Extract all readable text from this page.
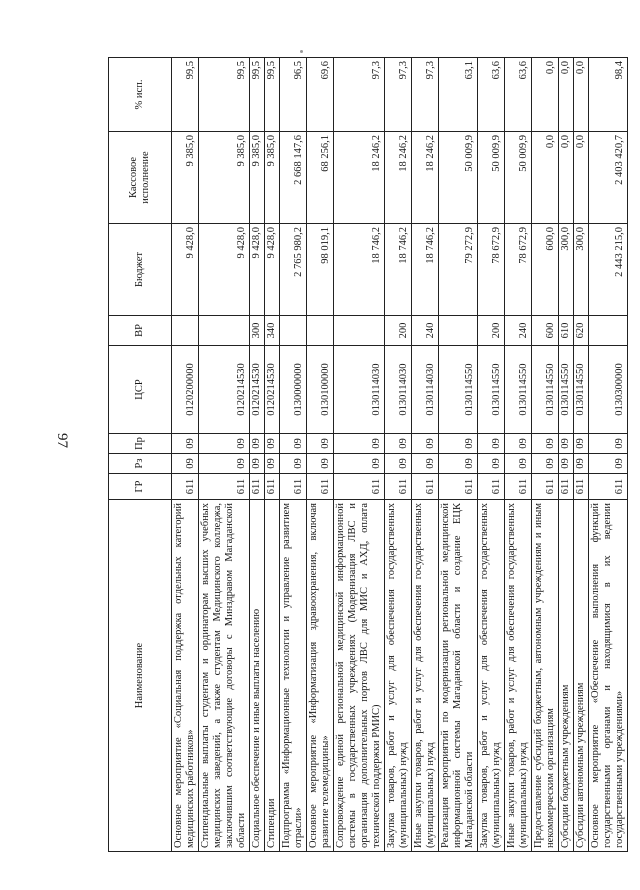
97
Наименование	ГР	Рз	Пр	ЦСР	ВР	Бюджет	Кассовое исполнение	% исп.
Основное мероприятие «Социальная поддержка отдельных категорий медицинских работников»	611	09	09	0120200000		9 428,0	9 385,0	99,5
Стипендиальные выплаты студентам и ординаторам высших учебных медицинских заведений, а также студентам Медицинского колледжа, заключившим соответствующие договоры с Минздравом Магаданской области	611	09	09	0120214530		9 428,0	9 385,0	99,5
Социальное обеспечение и иные выплаты населению	611	09	09	0120214530	300	9 428,0	9 385,0	99,5
Стипендии	611	09	09	0120214530	340	9 428,0	9 385,0	99,5
Подпрограмма «Информационные технологии и управление развитием отрасли»	611	09	09	0130000000		2 765 980,2	2 668 147,6	96,5
Основное мероприятие «Информатизация здравоохранения, включая развитие телемедицины»	611	09	09	0130100000		98 019,1	68 256,1	69,6
Сопровождение единой региональной медицинской информационной системы в государственных учреждениях (Модернизация ЛВС и организация дополнительных портов ЛВС для МИС и АХД, оплата технической поддержки РМИС)	611	09	09	0130114030		18 746,2	18 246,2	97,3
Закупка товаров, работ и услуг для обеспечения государственных (муниципальных) нужд	611	09	09	0130114030	200	18 746,2	18 246,2	97,3
Иные закупки товаров, работ и услуг для обеспечения государственных (муниципальных) нужд	611	09	09	0130114030	240	18 746,2	18 246,2	97,3
Реализация мероприятий по модернизации региональной медицинской информационной системы Магаданской области и создание ЕЦК Магаданской области	611	09	09	0130114550		79 272,9	50 009,9	63,1
Закупка товаров, работ и услуг для обеспечения государственных (муниципальных) нужд	611	09	09	0130114550	200	78 672,9	50 009,9	63,6
Иные закупки товаров, работ и услуг для обеспечения государственных (муниципальных) нужд	611	09	09	0130114550	240	78 672,9	50 009,9	63,6
Предоставление субсидий бюджетным, автономным учреждениям и иным некоммерческим организациям	611	09	09	0130114550	600	600,0	0,0	0,0
Субсидии бюджетным учреждениям	611	09	09	0130114550	610	300,0	0,0	0,0
Субсидии автономным учреждениям	611	09	09	0130114550	620	300,0	0,0	0,0
Основное мероприятие «Обеспечение выполнения функций государственными органами и находящимися в их ведении государственными учреждениями»	611	09	09	0130300000		2 443 215,0	2 403 420,7	98,4
